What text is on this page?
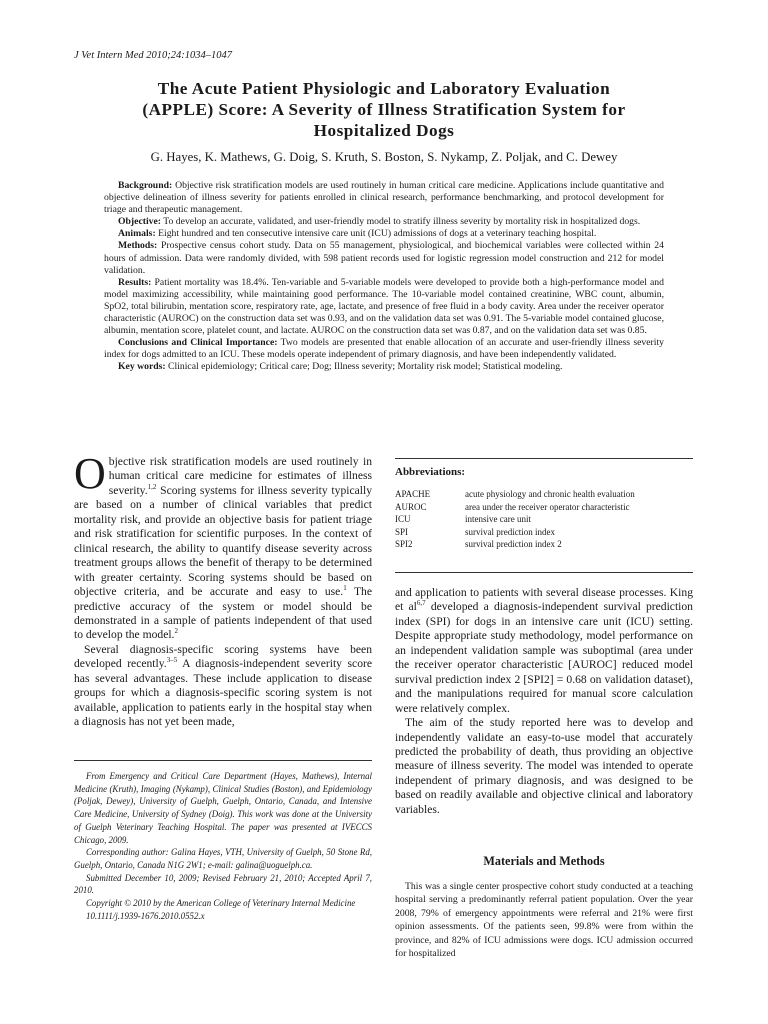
J Vet Intern Med 2010;24:1034–1047
The Acute Patient Physiologic and Laboratory Evaluation
(APPLE) Score: A Severity of Illness Stratification System for
Hospitalized Dogs
G. Hayes, K. Mathews, G. Doig, S. Kruth, S. Boston, S. Nykamp, Z. Poljak, and C. Dewey

Background: Objective risk stratification models are used routinely in human critical care medicine. Applications include quantitative and objective delineation of illness severity for patients enrolled in clinical research, performance benchmarking, and protocol development for triage and therapeutic management.

Objective: To develop an accurate, validated, and user-friendly model to stratify illness severity by mortality risk in hospitalized dogs.

Animals: Eight hundred and ten consecutive intensive care unit (ICU) admissions of dogs at a veterinary teaching hospital.

Methods: Prospective census cohort study. Data on 55 management, physiological, and biochemical variables were collected within 24 hours of admission. Data were randomly divided, with 598 patient records used for logistic regression model construction and 212 for model validation.

Results: Patient mortality was 18.4%. Ten-variable and 5-variable models were developed to provide both a high-performance model and model maximizing accessibility, while maintaining good performance. The 10-variable model contained creatinine, WBC count, albumin, SpO2, total bilirubin, mentation score, respiratory rate, age, lactate, and presence of free fluid in a body cavity. Area under the receiver operator characteristic (AUROC) on the construction data set was 0.93, and on the validation data set was 0.91. The 5-variable model contained glucose, albumin, mentation score, platelet count, and lactate. AUROC on the construction data set was 0.87, and on the validation data set was 0.85.

Conclusions and Clinical Importance: Two models are presented that enable allocation of an accurate and user-friendly illness severity index for dogs admitted to an ICU. These models operate independent of primary diagnosis, and have been independently validated.

Key words: Clinical epidemiology; Critical care; Dog; Illness severity; Mortality risk model; Statistical modeling.

Objective risk stratification models are used routinely in human critical care medicine for estimates of illness severity.$^{1,2}$ Scoring systems for illness severity typically are based on a number of clinical variables that predict mortality risk, and provide an objective basis for patient triage and risk stratification for scientific purposes. In the context of clinical research, the ability to quantify disease severity across treatment groups allows the benefit of therapy to be determined with greater certainty. Scoring systems should be based on objective criteria, and be accurate and easy to use.$^1$ The predictive accuracy of the system or model should be demonstrated in a sample of patients independent of that used to develop the model.$^2$

Several diagnosis-specific scoring systems have been developed recently.$^{3-5}$ A diagnosis-independent severity score has several advantages. These include application to disease groups for which a diagnosis-specific scoring system is not available, application to patients early in the hospital stay when a diagnosis has not yet been made,

From Emergency and Critical Care Department (Hayes, Mathews), Internal Medicine (Kruth), Imaging (Nykamp), Clinical Studies (Boston), and Epidemiology (Poljak, Dewey), University of Guelph, Guelph, Ontario, Canada, and Intensive Care Medicine, University of Sydney (Doig). This work was done at the University of Guelph Veterinary Teaching Hospital. The paper was presented at IVECCS Chicago, 2009.

Corresponding author: Galina Hayes, VTH, University of Guelph, 50 Stone Rd, Guelph, Ontario, Canada N1G 2W1; e-mail: galina@uoguelph.ca.

Submitted December 10, 2009; Revised February 21, 2010; Accepted April 7, 2010.

Copyright © 2010 by the American College of Veterinary Internal Medicine

10.1111/j.1939-1676.2010.0552.x

Abbreviations:
APACHE	acute physiology and chronic health evaluation
AUROC	area under the receiver operator characteristic
ICU	intensive care unit
SPI	survival prediction index
SPI2	survival prediction index 2

and application to patients with several disease processes. King et al$^{6,7}$ developed a diagnosis-independent survival prediction index (SPI) for dogs in an intensive care unit (ICU) setting. Despite appropriate study methodology, model performance on an independent validation sample was suboptimal (area under the receiver operator characteristic [AUROC] reduced model survival prediction index 2 [SPI2] = 0.68 on validation dataset), and the manipulations required for manual score calculation were relatively complex.

The aim of the study reported here was to develop and independently validate an easy-to-use model that accurately predicted the probability of death, thus providing an objective measure of illness severity. The model was intended to operate independent of primary diagnosis, and was designed to be based on readily available and objective clinical and laboratory variables.

Materials and Methods

This was a single center prospective cohort study conducted at a teaching hospital serving a predominantly referral patient population. Over the year 2008, 79% of emergency appointments were referral and 21% were first opinion assessments. Of the patients seen, 99.8% were from within the province, and 82% of ICU admissions were dogs. ICU admission occurred for hospitalized
